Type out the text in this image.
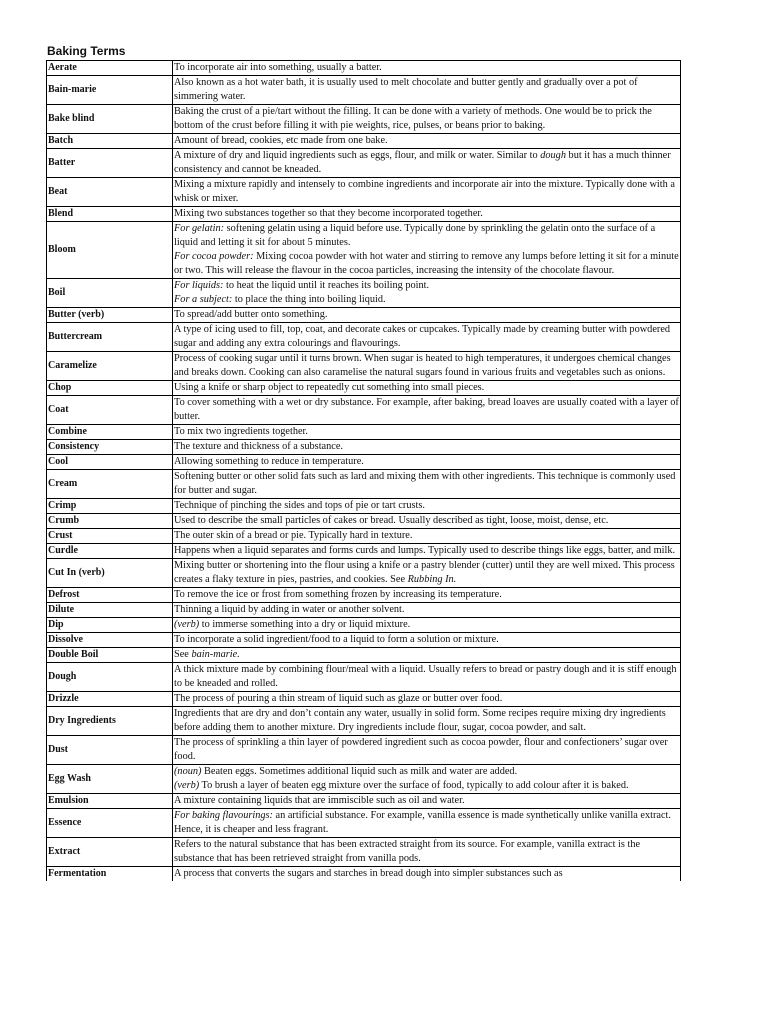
Baking Terms
Aerate	To incorporate air into something, usually a batter.
Bain-marie	Also known as a hot water bath, it is usually used to melt chocolate and butter gently and gradually over a pot of simmering water.
Bake blind	Baking the crust of a pie/tart without the filling. It can be done with a variety of methods. One would be to prick the bottom of the crust before filling it with pie weights, rice, pulses, or beans prior to baking.
Batch	Amount of bread, cookies, etc made from one bake.
Batter	A mixture of dry and liquid ingredients such as eggs, flour, and milk or water. Similar to dough but it has a much thinner consistency and cannot be kneaded.
Beat	Mixing a mixture rapidly and intensely to combine ingredients and incorporate air into the mixture. Typically done with a whisk or mixer.
Blend	Mixing two substances together so that they become incorporated together.
Bloom	For gelatin: softening gelatin using a liquid before use. Typically done by sprinkling the gelatin onto the surface of a liquid and letting it sit for about 5 minutes.
For cocoa powder: Mixing cocoa powder with hot water and stirring to remove any lumps before letting it sit for a minute or two. This will release the flavour in the cocoa particles, increasing the intensity of the chocolate flavour.
Boil	For liquids: to heat the liquid until it reaches its boiling point.
For a subject: to place the thing into boiling liquid.
Butter (verb)	To spread/add butter onto something.
Buttercream	A type of icing used to fill, top, coat, and decorate cakes or cupcakes. Typically made by creaming butter with powdered sugar and adding any extra colourings and flavourings.
Caramelize	Process of cooking sugar until it turns brown. When sugar is heated to high temperatures, it undergoes chemical changes and breaks down. Cooking can also caramelise the natural sugars found in various fruits and vegetables such as onions.
Chop	Using a knife or sharp object to repeatedly cut something into small pieces.
Coat	To cover something with a wet or dry substance. For example, after baking, bread loaves are usually coated with a layer of butter.
Combine	To mix two ingredients together.
Consistency	The texture and thickness of a substance.
Cool	Allowing something to reduce in temperature.
Cream	Softening butter or other solid fats such as lard and mixing them with other ingredients. This technique is commonly used for butter and sugar.
Crimp	Technique of pinching the sides and tops of pie or tart crusts.
Crumb	Used to describe the small particles of cakes or bread. Usually described as tight, loose, moist, dense, etc.
Crust	The outer skin of a bread or pie. Typically hard in texture.
Curdle	Happens when a liquid separates and forms curds and lumps. Typically used to describe things like eggs, batter, and milk.
Cut In (verb)	Mixing butter or shortening into the flour using a knife or a pastry blender (cutter) until they are well mixed. This process creates a flaky texture in pies, pastries, and cookies. See Rubbing In.
Defrost	To remove the ice or frost from something frozen by increasing its temperature.
Dilute	Thinning a liquid by adding in water or another solvent.
Dip	(verb) to immerse something into a dry or liquid mixture.
Dissolve	To incorporate a solid ingredient/food to a liquid to form a solution or mixture.
Double Boil	See bain-marie.
Dough	A thick mixture made by combining flour/meal with a liquid. Usually refers to bread or pastry dough and it is stiff enough to be kneaded and rolled.
Drizzle	The process of pouring a thin stream of liquid such as glaze or butter over food.
Dry Ingredients	Ingredients that are dry and don’t contain any water, usually in solid form. Some recipes require mixing dry ingredients before adding them to another mixture. Dry ingredients include flour, sugar, cocoa powder, and salt.
Dust	The process of sprinkling a thin layer of powdered ingredient such as cocoa powder, flour and confectioners’ sugar over food.
Egg Wash	(noun) Beaten eggs. Sometimes additional liquid such as milk and water are added.
(verb) To brush a layer of beaten egg mixture over the surface of food, typically to add colour after it is baked.
Emulsion	A mixture containing liquids that are immiscible such as oil and water.
Essence	For baking flavourings: an artificial substance. For example, vanilla essence is made synthetically unlike vanilla extract. Hence, it is cheaper and less fragrant.
Extract	Refers to the natural substance that has been extracted straight from its source. For example, vanilla extract is the substance that has been retrieved straight from vanilla pods.
Fermentation	A process that converts the sugars and starches in bread dough into simpler substances such as
